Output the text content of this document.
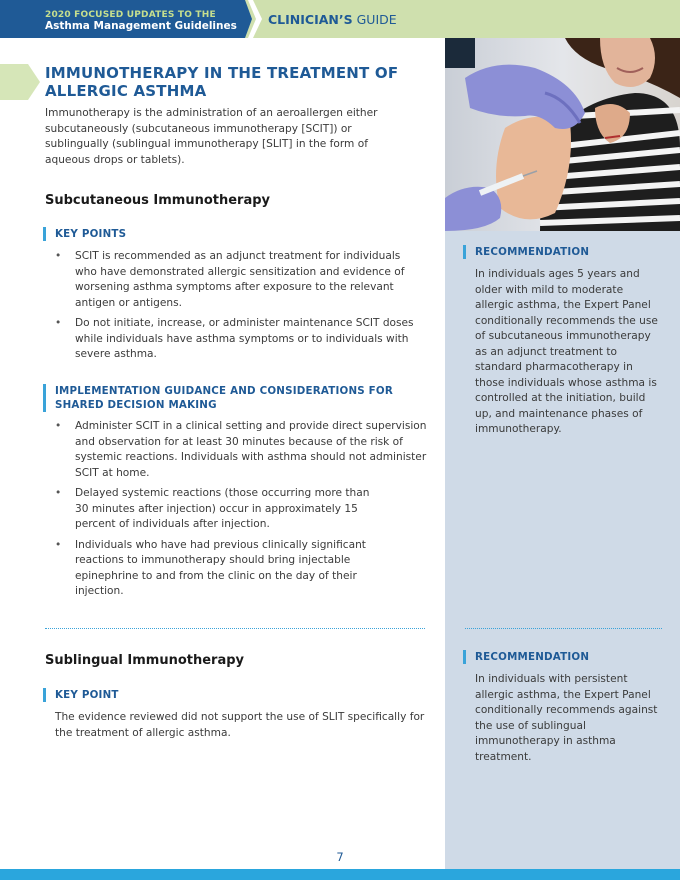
2020 FOCUSED UPDATES TO THE
Asthma Management Guidelines CLINICIAN’S GUIDE
IMMUNOTHERAPY IN THE TREATMENT OF ALLERGIC ASTHMA
Immunotherapy is the administration of an aeroallergen either subcutaneously (subcutaneous immunotherapy [SCIT]) or sublingually (sublingual immunotherapy [SLIT] in the form of aqueous drops or tablets).
Subcutaneous Immunotherapy
KEY POINTS
• SCIT is recommended as an adjunct treatment for individuals who have demonstrated allergic sensitization and evidence of worsening asthma symptoms after exposure to the relevant antigen or antigens.
• Do not initiate, increase, or administer maintenance SCIT doses while individuals have asthma symptoms or to individuals with severe asthma.
IMPLEMENTATION GUIDANCE AND CONSIDERATIONS FOR SHARED DECISION MAKING
• Administer SCIT in a clinical setting and provide direct supervision and observation for at least 30 minutes because of the risk of systemic reactions. Individuals with asthma should not administer SCIT at home.
• Delayed systemic reactions (those occurring more than 30 minutes after injection) occur in approximately 15 percent of individuals after injection.
• Individuals who have had previous clinically significant reactions to immunotherapy should bring injectable epinephrine to and from the clinic on the day of their injection.
RECOMMENDATION
In individuals ages 5 years and older with mild to moderate allergic asthma, the Expert Panel conditionally recommends the use of subcutaneous immunotherapy as an adjunct treatment to standard pharmacotherapy in those individuals whose asthma is controlled at the initiation, build up, and maintenance phases of immunotherapy.
Sublingual Immunotherapy
KEY POINT
The evidence reviewed did not support the use of SLIT specifically for the treatment of allergic asthma.
RECOMMENDATION
In individuals with persistent allergic asthma, the Expert Panel conditionally recommends against the use of sublingual immunotherapy in asthma treatment.
7
